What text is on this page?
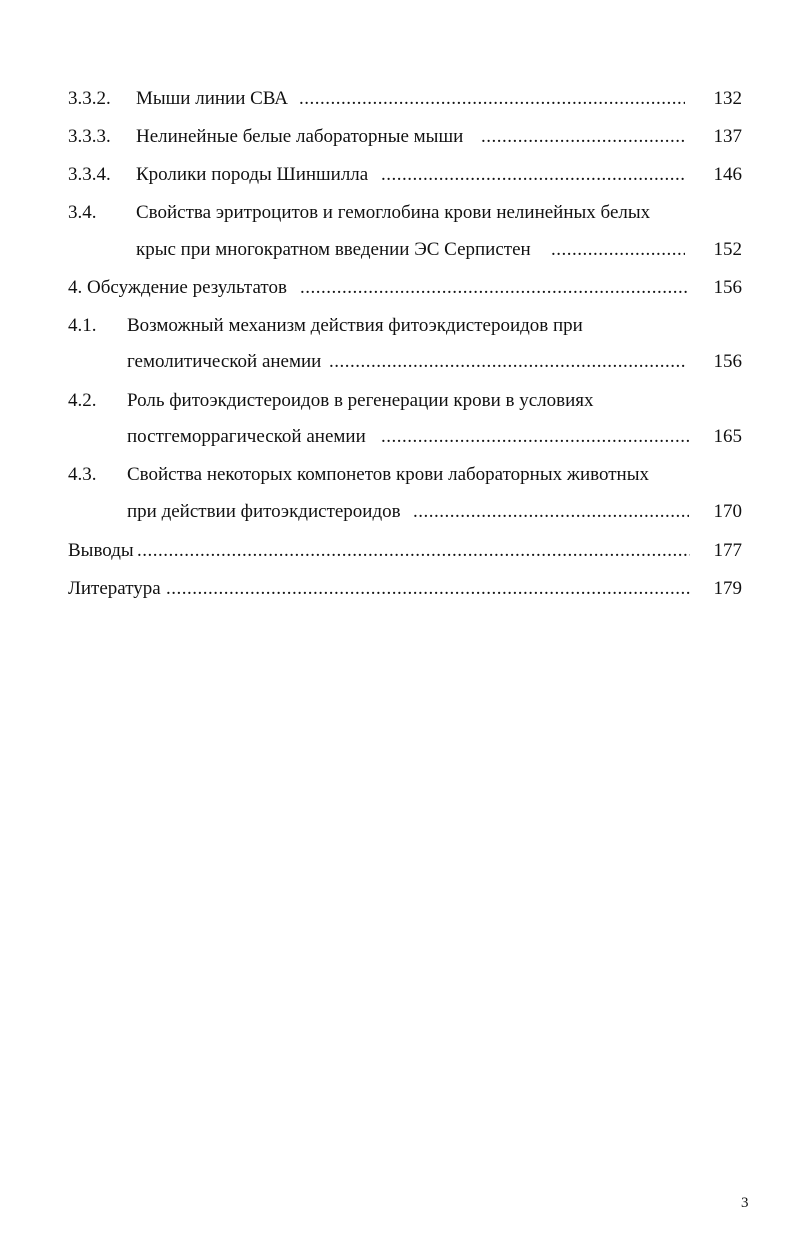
3.3.2. Мыши линии СВА .....	132
3.3.3. Нелинейные белые лабораторные мыши .....	137
3.3.4. Кролики породы Шиншилла .....	146
3.4. Свойства эритроцитов и гемоглобина крови нелинейных белых
крыс при многократном введении ЭС Серпистен .....	152
4. Обсуждение результатов .....	156
4.1. Возможный механизм действия фитоэкдистероидов при
гемолитической анемии .....	156
4.2. Роль фитоэкдистероидов в регенерации крови в условиях
постгеморрагической анемии .....	165
4.3. Свойства некоторых компонетов крови лабораторных животных
при действии фитоэкдистероидов .....	170
Выводы .....	177
Литература .....	179
3
